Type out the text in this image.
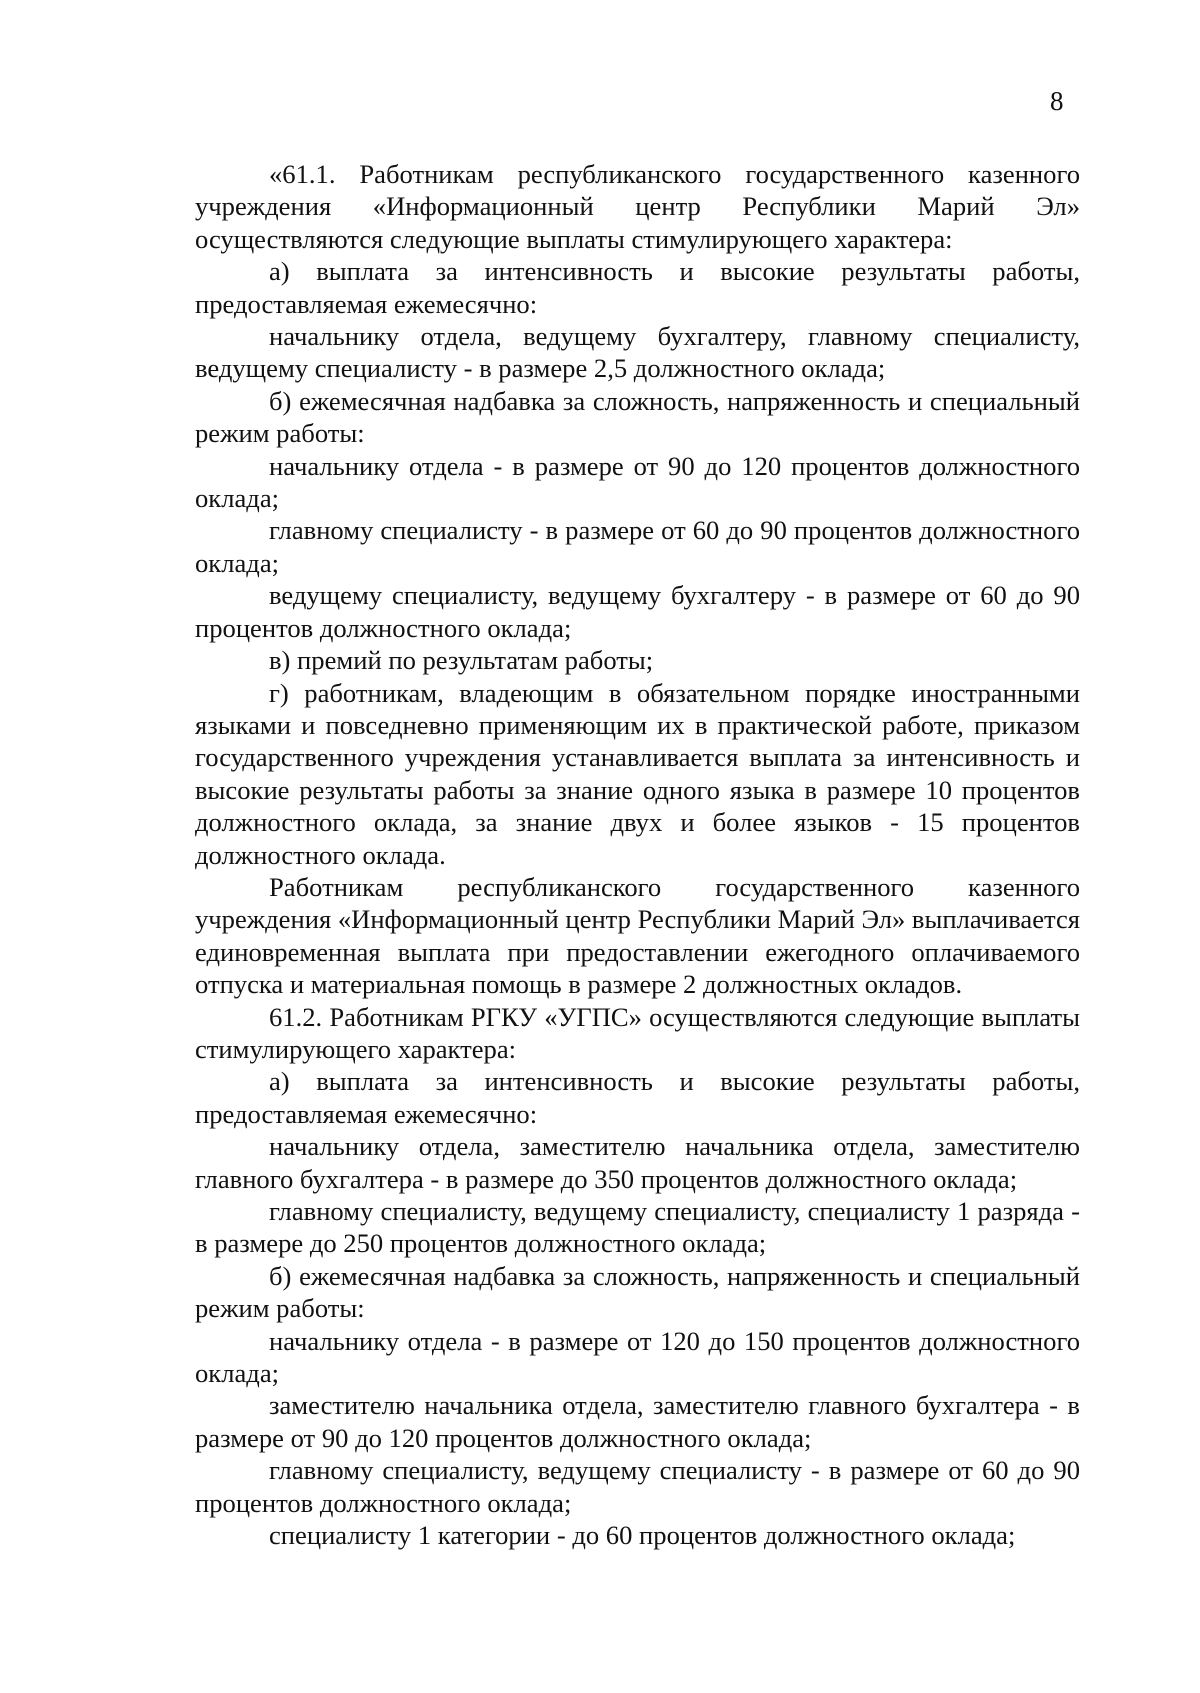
8

«61.1. Работникам республиканского государственного казенного учреждения «Информационный центр Республики Марий Эл» осуществляются следующие выплаты стимулирующего характера:

а) выплата за интенсивность и высокие результаты работы, предоставляемая ежемесячно:

начальнику отдела, ведущему бухгалтеру, главному специалисту, ведущему специалисту - в размере 2,5 должностного оклада;

б) ежемесячная надбавка за сложность, напряженность и специальный режим работы:

начальнику отдела - в размере от 90 до 120 процентов должностного оклада;

главному специалисту - в размере от 60 до 90 процентов должностного оклада;

ведущему специалисту, ведущему бухгалтеру - в размере от 60 до 90 процентов должностного оклада;

в) премий по результатам работы;

г) работникам, владеющим в обязательном порядке иностранными языками и повседневно применяющим их в практической работе, приказом государственного учреждения устанавливается выплата за интенсивность и высокие результаты работы за знание одного языка в размере 10 процентов должностного оклада, за знание двух и более языков - 15 процентов должностного оклада.

Работникам республиканского государственного казенного учреждения «Информационный центр Республики Марий Эл» выплачивается единовременная выплата при предоставлении ежегодного оплачиваемого отпуска и материальная помощь в размере 2 должностных окладов.

61.2. Работникам РГКУ «УГПС» осуществляются следующие выплаты стимулирующего характера:

а) выплата за интенсивность и высокие результаты работы, предоставляемая ежемесячно:

начальнику отдела, заместителю начальника отдела, заместителю главного бухгалтера - в размере до 350 процентов должностного оклада;

главному специалисту, ведущему специалисту, специалисту 1 разряда - в размере до 250 процентов должностного оклада;

б) ежемесячная надбавка за сложность, напряженность и специальный режим работы:

начальнику отдела - в размере от 120 до 150 процентов должностного оклада;

заместителю начальника отдела, заместителю главного бухгалтера - в размере от 90 до 120 процентов должностного оклада;

главному специалисту, ведущему специалисту - в размере от 60 до 90 процентов должностного оклада;

специалисту 1 категории - до 60 процентов должностного оклада;
